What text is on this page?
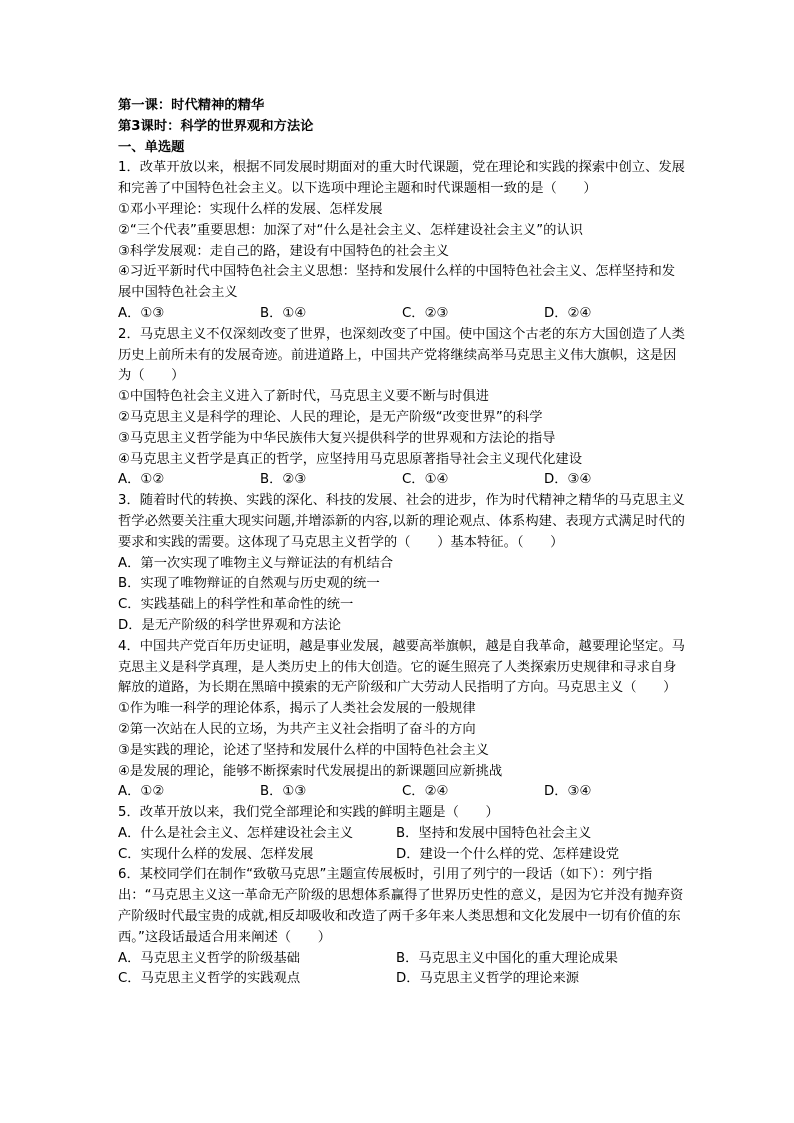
第一课：时代精神的精华
第3课时：科学的世界观和方法论
一、单选题
1．改革开放以来，根据不同发展时期面对的重大时代课题，党在理论和实践的探索中创立、发展和完善了中国特色社会主义。以下选项中理论主题和时代课题相一致的是（　　）
①邓小平理论：实现什么样的发展、怎样发展
②“三个代表”重要思想：加深了对“什么是社会主义、怎样建设社会主义”的认识
③科学发展观：走自己的路，建设有中国特色的社会主义
④习近平新时代中国特色社会主义思想：坚持和发展什么样的中国特色社会主义、怎样坚持和发展中国特色社会主义
A．①③	B．①④	C．②③	D．②④
2．马克思主义不仅深刻改变了世界，也深刻改变了中国。使中国这个古老的东方大国创造了人类历史上前所未有的发展奇迹。前进道路上，中国共产党将继续高举马克思主义伟大旗帜，这是因为（　　）
①中国特色社会主义进入了新时代，马克思主义要不断与时俱进
②马克思主义是科学的理论、人民的理论，是无产阶级“改变世界”的科学
③马克思主义哲学能为中华民族伟大复兴提供科学的世界观和方法论的指导
④马克思主义哲学是真正的哲学，应坚持用马克思原著指导社会主义现代化建设
A．①②	B．②③	C．①④	D．③④
3．随着时代的转换、实践的深化、科技的发展、社会的进步，作为时代精神之精华的马克思主义哲学必然要关注重大现实问题,并增添新的内容,以新的理论观点、体系构建、表现方式满足时代的要求和实践的需要。这体现了马克思主义哲学的（　　）基本特征。（　　）
A．第一次实现了唯物主义与辩证法的有机结合
B．实现了唯物辩证的自然观与历史观的统一
C．实践基础上的科学性和革命性的统一
D．是无产阶级的科学世界观和方法论
4．中国共产党百年历史证明，越是事业发展，越要高举旗帜，越是自我革命，越要理论坚定。马克思主义是科学真理，是人类历史上的伟大创造。它的诞生照亮了人类探索历史规律和寻求自身解放的道路，为长期在黑暗中摸索的无产阶级和广大劳动人民指明了方向。马克思主义（　　）
①作为唯一科学的理论体系，揭示了人类社会发展的一般规律
②第一次站在人民的立场，为共产主义社会指明了奋斗的方向
③是实践的理论，论述了坚持和发展什么样的中国特色社会主义
④是发展的理论，能够不断探索时代发展提出的新课题回应新挑战
A．①②	B．①③	C．②④	D．③④
5．改革开放以来，我们党全部理论和实践的鲜明主题是（　　）
A．什么是社会主义、怎样建设社会主义	B．坚持和发展中国特色社会主义
C．实现什么样的发展、怎样发展	D．建设一个什么样的党、怎样建设党
6．某校同学们在制作“致敬马克思”主题宣传展板时，引用了列宁的一段话（如下）：列宁指出：“马克思主义这一革命无产阶级的思想体系赢得了世界历史性的意义，是因为它并没有抛弃资产阶级时代最宝贵的成就,相反却吸收和改造了两千多年来人类思想和文化发展中一切有价值的东西。”这段话最适合用来阐述（　　）
A．马克思主义哲学的阶级基础	B．马克思主义中国化的重大理论成果
C．马克思主义哲学的实践观点	D．马克思主义哲学的理论来源
